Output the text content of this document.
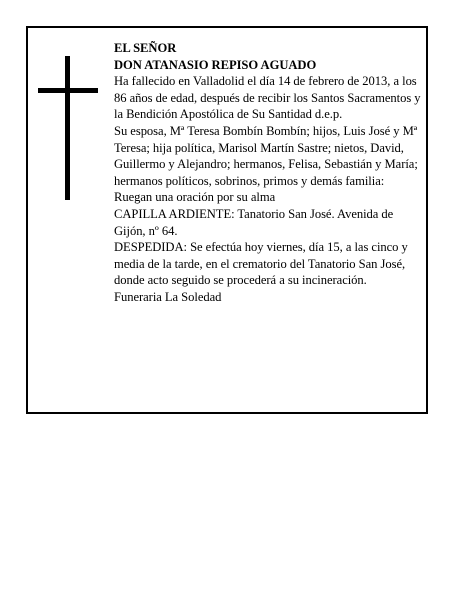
EL SEÑOR

DON ATANASIO REPISO AGUADO

Ha fallecido en Valladolid el día 14 de febrero de 2013, a los 86 años de edad, después de recibir los Santos Sacramentos y la Bendición Apostólica de Su Santidad d.e.p.

Su esposa, Mª Teresa Bombín Bombín; hijos, Luis José y Mª Teresa; hija política, Marisol Martín Sastre; nietos, David, Guillermo y Alejandro; hermanos, Felisa, Sebastián y María; hermanos políticos, sobrinos, primos y demás familia:

Ruegan una oración por su alma

CAPILLA ARDIENTE: Tanatorio San José. Avenida de Gijón, nº 64.

DESPEDIDA: Se efectúa hoy viernes, día 15, a las cinco y media de la tarde, en el crematorio del Tanatorio San José, donde acto seguido se procederá a su incineración.

Funeraria La Soledad
